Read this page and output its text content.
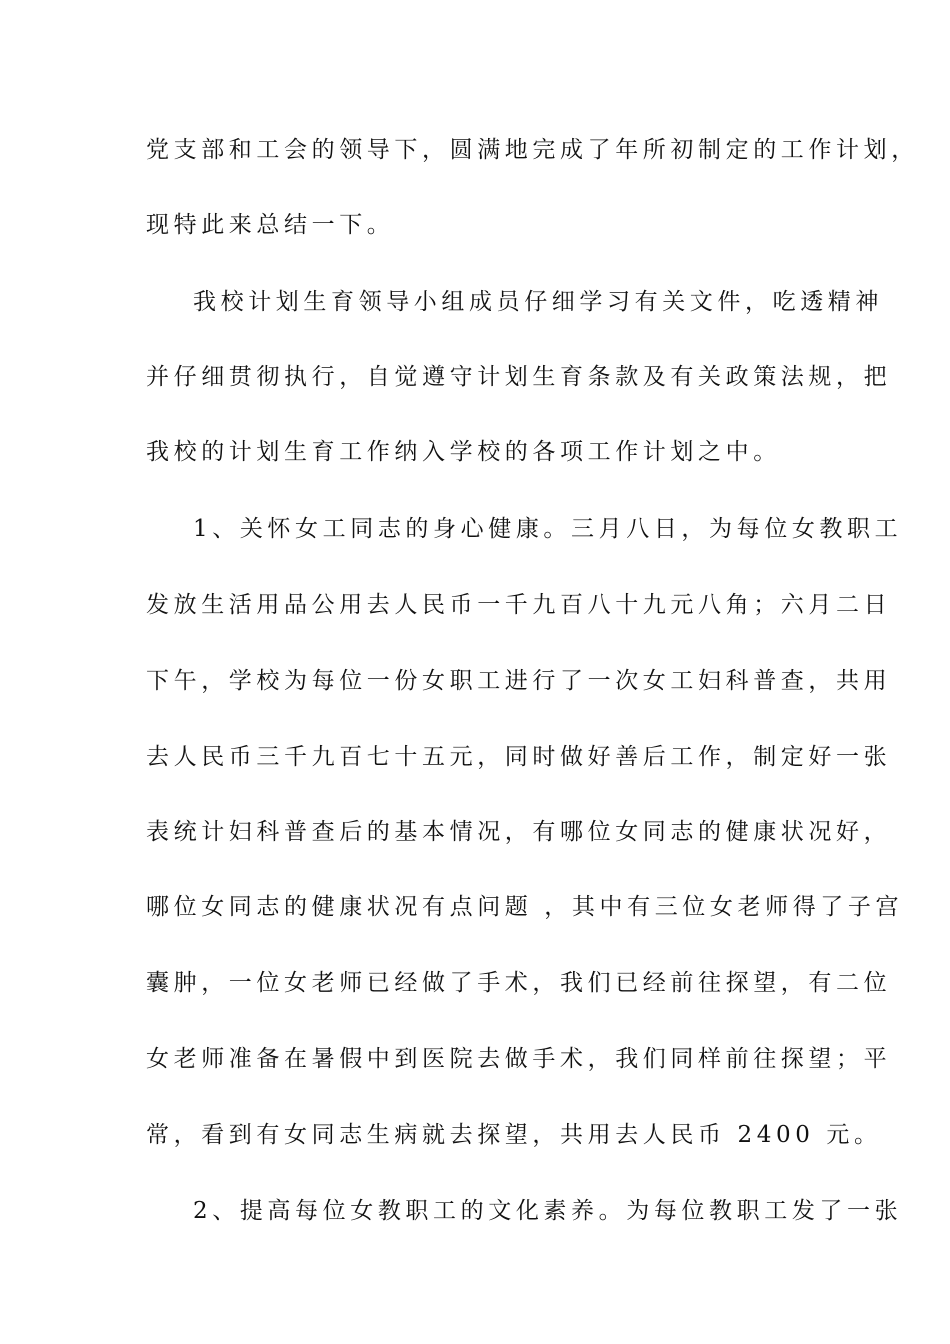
党支部和工会的领导下，圆满地完成了年所初制定的工作计划，
现特此来总结一下。
我校计划生育领导小组成员仔细学习有关文件，吃透精神
并仔细贯彻执行，自觉遵守计划生育条款及有关政策法规，把
我校的计划生育工作纳入学校的各项工作计划之中。
1、关怀女工同志的身心健康。三月八日，为每位女教职工
发放生活用品公用去人民币一千九百八十九元八角；六月二日
下午，学校为每位一份女职工进行了一次女工妇科普查，共用
去人民币三千九百七十五元，同时做好善后工作，制定好一张
表统计妇科普查后的基本情况，有哪位女同志的健康状况好，
哪位女同志的健康状况有点问题 ，其中有三位女老师得了子宫
囊肿，一位女老师已经做了手术，我们已经前往探望，有二位
女老师准备在暑假中到医院去做手术，我们同样前往探望；平
常，看到有女同志生病就去探望，共用去人民币 2400 元。
2、提高每位女教职工的文化素养。为每位教职工发了一张
